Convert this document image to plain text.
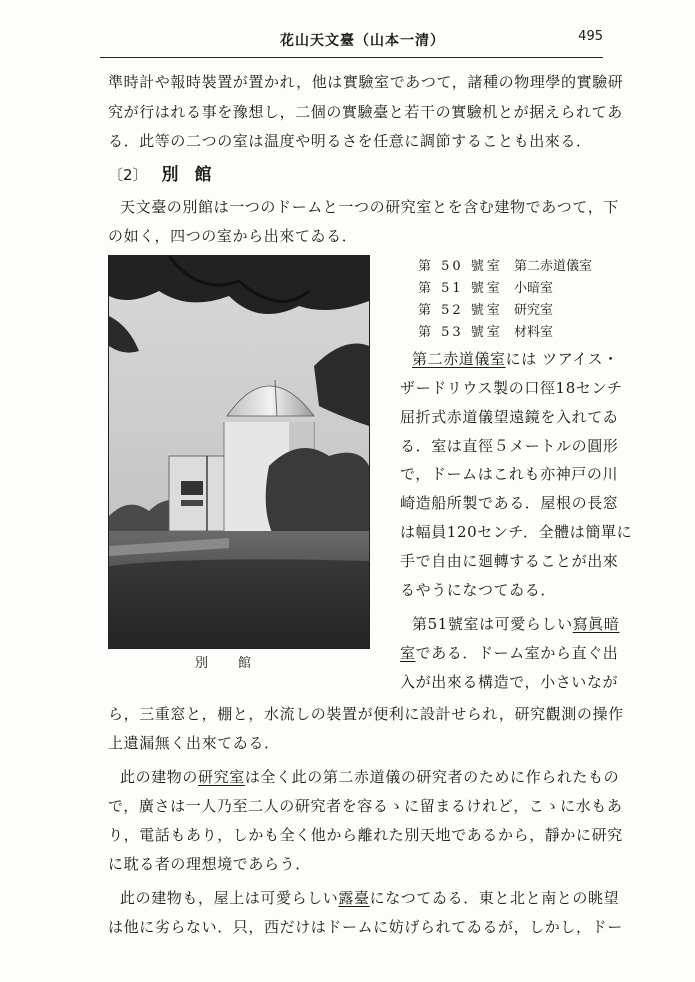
花山天文臺（山本一清）	495
準時計や報時裝置が置かれ，他は實驗室であつて，諸種の物理學的實驗研
究が行はれる事を豫想し，二個の實驗臺と若干の實驗机とが据えられてあ
る．此等の二つの室は温度や明るさを任意に調節することも出來る．
〔2〕 別館
天文臺の別館は一つのドームと一つの研究室とを含む建物であつて，下
の如く，四つの室から出來てゐる．
別館
第 50 號室 第二赤道儀室
第 51 號室 小暗室
第 52 號室 研究室
第 53 號室 材料室
第二赤道儀室には ツアイス・
ザードリウス製の口徑18センチ
屈折式赤道儀望遠鏡を入れてゐ
る．室は直徑５メートルの圓形
で，ドームはこれも亦神戸の川
崎造船所製である．屋根の長窓
は幅員120センチ．全體は簡單に
手で自由に廻轉することが出來
るやうになつてゐる．
第51號室は可愛らしい寫眞暗
室である．ドーム室から直ぐ出
入が出來る構造で，小さいなが
ら，三重窓と，棚と，水流しの裝置が便利に設計せられ，研究觀測の操作
上遺漏無く出來てゐる．
此の建物の研究室は全く此の第二赤道儀の研究者のために作られたもの
で，廣さは一人乃至二人の研究者を容るゝに留まるけれど，こゝに水もあ
り，電話もあり，しかも全く他から離れた別天地であるから，靜かに研究
に耽る者の理想境であらう．
此の建物も，屋上は可愛らしい露臺になつてゐる．東と北と南との眺望
は他に劣らない．只，西だけはドームに妨げられてゐるが，しかし，ドー
